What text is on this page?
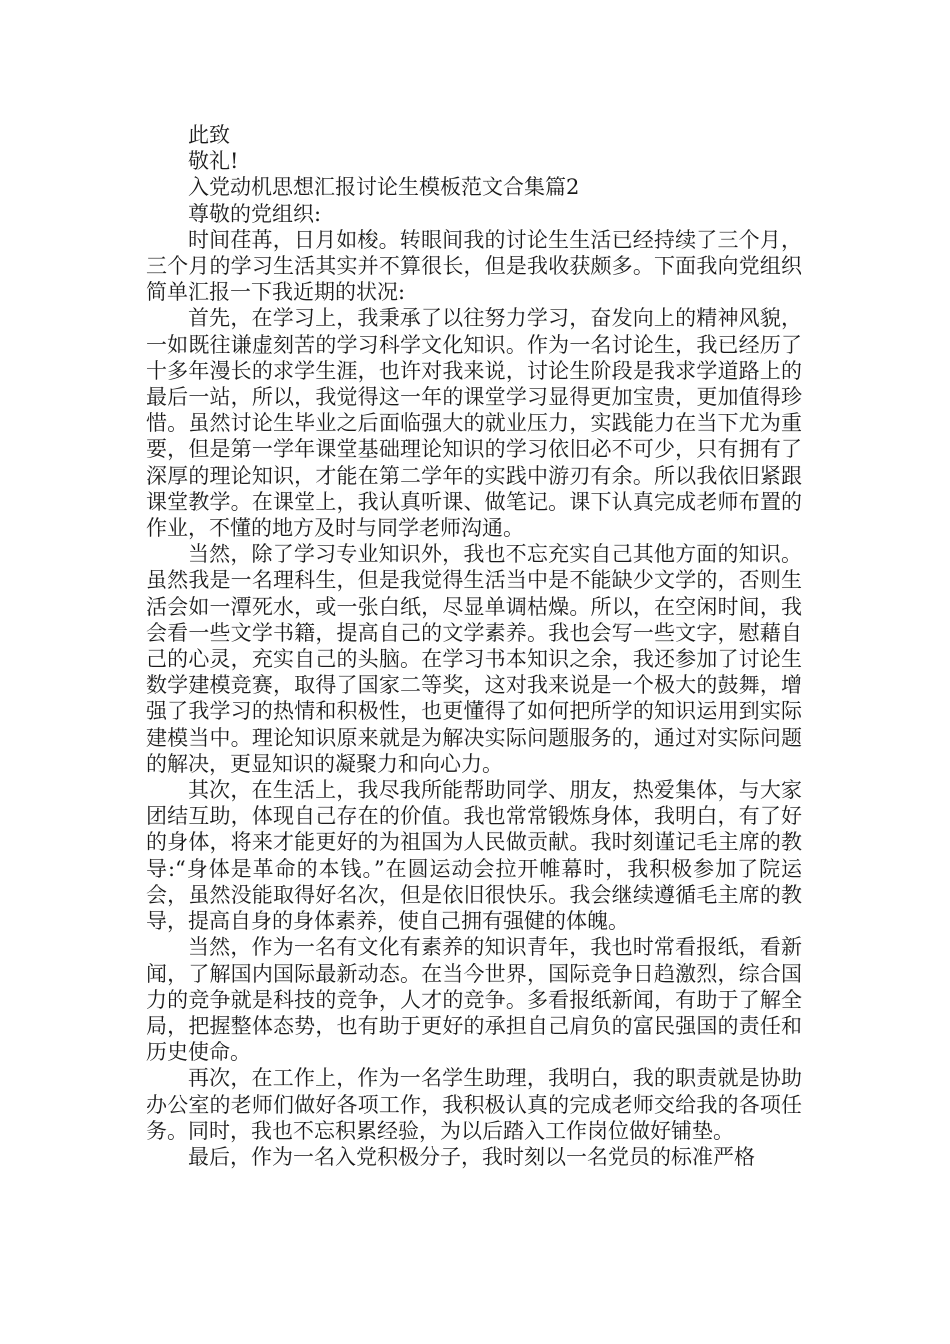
此致

敬礼!

入党动机思想汇报讨论生模板范文合集篇2

尊敬的党组织:

时间荏苒，日月如梭。转眼间我的讨论生生活已经持续了三个月，三个月的学习生活其实并不算很长，但是我收获颇多。下面我向党组织简单汇报一下我近期的状况:

首先，在学习上，我秉承了以往努力学习，奋发向上的精神风貌，一如既往谦虚刻苦的学习科学文化知识。作为一名讨论生，我已经历了十多年漫长的求学生涯，也许对我来说，讨论生阶段是我求学道路上的最后一站，所以，我觉得这一年的课堂学习显得更加宝贵，更加值得珍惜。虽然讨论生毕业之后面临强大的就业压力，实践能力在当下尤为重要，但是第一学年课堂基础理论知识的学习依旧必不可少，只有拥有了深厚的理论知识，才能在第二学年的实践中游刃有余。所以我依旧紧跟课堂教学。在课堂上，我认真听课、做笔记。课下认真完成老师布置的作业，不懂的地方及时与同学老师沟通。

当然，除了学习专业知识外，我也不忘充实自己其他方面的知识。虽然我是一名理科生，但是我觉得生活当中是不能缺少文学的，否则生活会如一潭死水，或一张白纸，尽显单调枯燥。所以，在空闲时间，我会看一些文学书籍，提高自己的文学素养。我也会写一些文字，慰藉自己的心灵，充实自己的头脑。在学习书本知识之余，我还参加了讨论生数学建模竞赛，取得了国家二等奖，这对我来说是一个极大的鼓舞，增强了我学习的热情和积极性，也更懂得了如何把所学的知识运用到实际建模当中。理论知识原来就是为解决实际问题服务的，通过对实际问题的解决，更显知识的凝聚力和向心力。

其次，在生活上，我尽我所能帮助同学、朋友，热爱集体，与大家团结互助，体现自己存在的价值。我也常常锻炼身体，我明白，有了好的身体，将来才能更好的为祖国为人民做贡献。我时刻谨记毛主席的教导:“身体是革命的本钱。”在圆运动会拉开帷幕时，我积极参加了院运会，虽然没能取得好名次，但是依旧很快乐。我会继续遵循毛主席的教导，提高自身的身体素养，使自己拥有强健的体魄。

当然，作为一名有文化有素养的知识青年，我也时常看报纸，看新闻，了解国内国际最新动态。在当今世界，国际竞争日趋激烈，综合国力的竞争就是科技的竞争，人才的竞争。多看报纸新闻，有助于了解全局，把握整体态势，也有助于更好的承担自己肩负的富民强国的责任和历史使命。

再次，在工作上，作为一名学生助理，我明白，我的职责就是协助办公室的老师们做好各项工作，我积极认真的完成老师交给我的各项任务。同时，我也不忘积累经验，为以后踏入工作岗位做好铺垫。

最后，作为一名入党积极分子，我时刻以一名党员的标准严格
